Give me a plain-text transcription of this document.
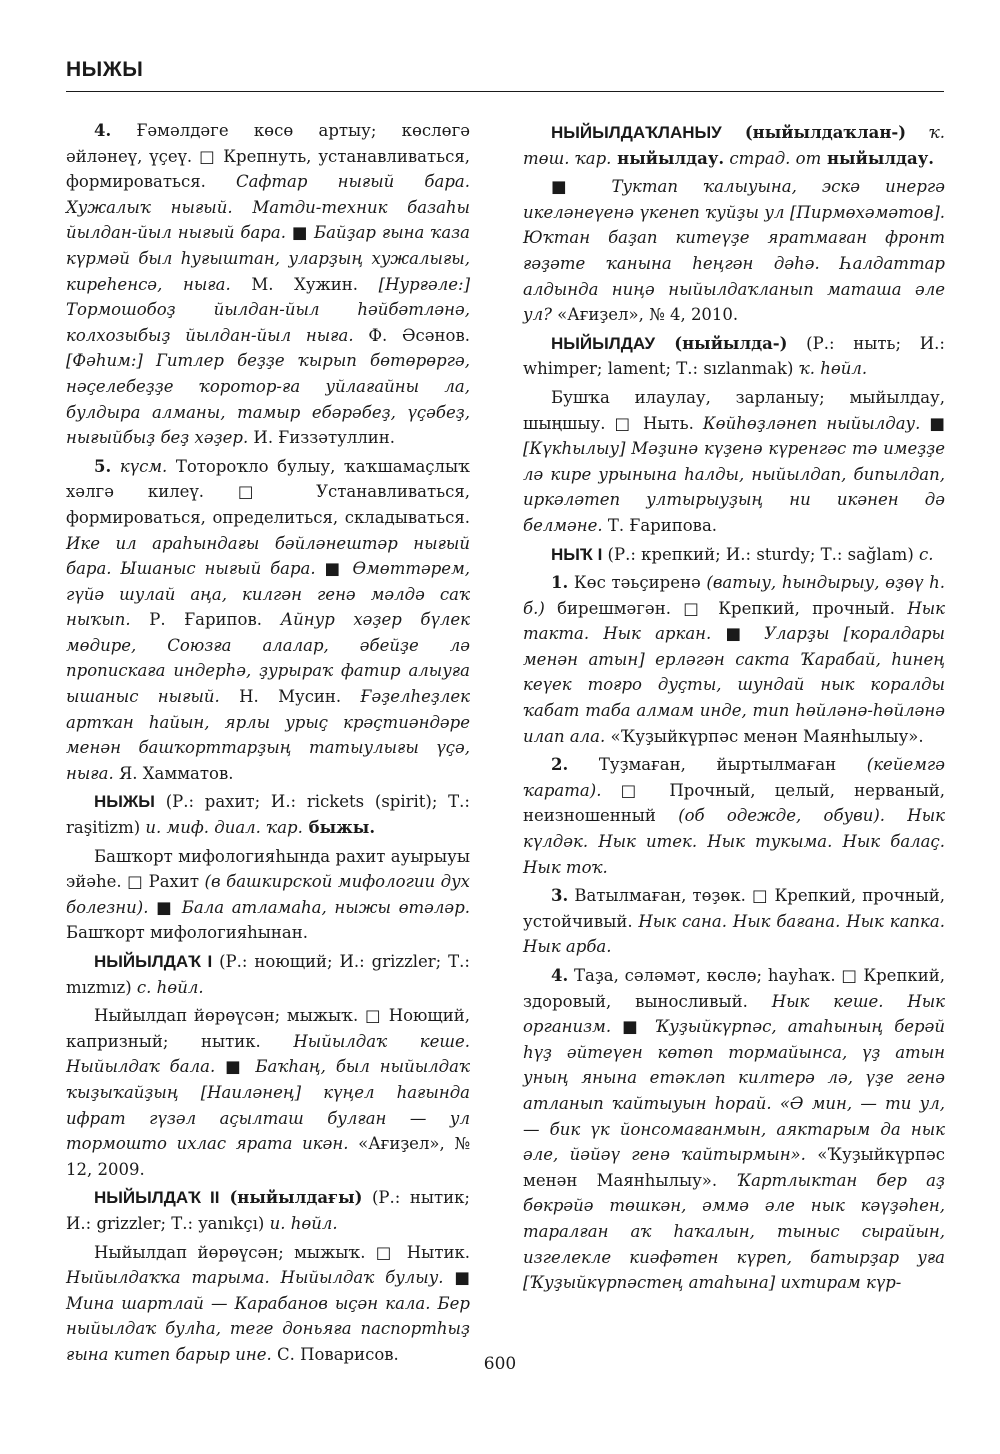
НЫЖЫ

4. Ғәмәлдәге көсө артыу; көслөгә әйләнеү, үҫеү. □ Крепнуть, устанавливаться, формироваться. Сафтар нығый бара. Хужалыҡ нығый. Матди-техник базаһы йылдан-йыл нығый бара. ■ Байҙар ғына ҡаза күрмәй был һуғыштан, уларҙың хужалығы, киреһенсә, ныға. М. Хужин. [Нурғәле:] Тормошобоҙ йылдан-йыл һәйбәтләнә, колхозыбыҙ йылдан-йыл ныға. Ф. Әсәнов. [Фәһим:] Гитлер беҙҙе ҡырып бөтөрөргә, нәҫелебеҙҙе ҡоротор-ға уйлағайны ла, булдыра алманы, тамыр ебәрәбеҙ, үҫәбеҙ, нығыйбыҙ беҙ хәҙер. И. Ғиззәтуллин.

5. күсм. Тотороҡло булыу, ҡаҡшамаҫлыҡ хәлгә килеү. □ Устанавливаться, формироваться, определиться, складываться. Ике ил араһындағы бәйләнештәр нығый бара. Ышаныс нығый бара. ■ Өмөттәрем, гүйә шулай аңа, килгән генә мәлдә саҡ ныҡып. Р. Ғарипов. Айнур хәҙер бүлек мөдире, Союзға алалар, әбейҙе лә пропискаға индерһә, ҙурыраҡ фатир алыуға ышаныс нығый. Н. Мусин. Ғәҙелһеҙлек артҡан һайын, ярлы урыҫ крәҫтиәндәре менән башҡорттарҙың татыулығы үҫә, ныға. Я. Хамматов.

НЫЖЫ (Р.: рахит; И.: rickets (spirit); Т.: raşitizm) и. миф. диал. ҡар. быжы.

Башҡорт мифологияһында рахит ауырыуы эйәһе. □ Рахит (в башкирской мифологии дух болезни). ■ Бала атламаһа, ныжы өтәләр. Башҡорт мифологияһынан.

НЫЙЫЛДАҠ I (Р.: ноющий; И.: grizzler; Т.: mızmız) с. һөйл.

Ныйылдап йөрөүсән; мыжыҡ. □ Ноющий, капризный; нытик. Ныйылдаҡ кеше. Ныйылдаҡ бала. ■ Баҡһаң, был ныйылдаҡ ҡыҙыҡайҙың [Наиләнең] күңел һағында ифрат гүзәл аҫылташ булған — ул тормошто ихлас ярата икән. «Ағиҙел», № 12, 2009.

НЫЙЫЛДАҠ II (ныйылдағы) (Р.: нытик; И.: grizzler; Т.: yanıkçı) и. һөйл.

Ныйылдап йөрөүсән; мыжыҡ. □ Нытик. Ныйылдаҡҡа тарыма. Ныйылдаҡ булыу. ■ Мина шартлай — Карабанов ыҫән кала. Бер ныйылдаҡ булһа, теге доньяға паспортһыҙ ғына китеп барыр ине. С. Поварисов.

НЫЙЫЛДАҠЛАНЫУ (ныйылдаҡлан-) ҡ. төш. ҡар. ныйылдау. страд. от ныйылдау.

■ Туктап ҡалыуына, эскә инергә икеләнеүенә үкенеп ҡуйҙы ул [Пирмөхәмәтов]. Юҡтан баҙап китеүҙе яратмаған фронт ғәҙәте ҡанына һеңгән дәһә. Һалдаттар алдында ниңә ныйылдаҡланып маташа әле ул? «Ағиҙел», № 4, 2010.

НЫЙЫЛДАУ (ныйылда-) (Р.: ныть; И.: whimper; lament; Т.: sızlanmak) ҡ. һөйл.

Бушҡа илаулау, зарланыу; мыйылдау, шыңшыу. □ Ныть. Көйһөҙләнеп ныйылдау. ■ [Күкһылыу] Мәҙинә күҙенә күренгәс тә имеҙҙе лә кире урынына һалды, ныйылдап, бипылдап, иркәләтеп ултырыуҙың ни икәнен дә белмәне. Т. Ғарипова.

НЫҠ I (Р.: крепкий; И.: sturdy; Т.: sağlam) с.

1. Көс тәьҫиренә (ватыу, һындырыу, өҙөү һ. б.) бирешмәгән. □ Крепкий, прочный. Нык такта. Нык аркан. ■ Уларҙы [коралдары менән атын] ерләгән сакта Ҡарабай, һинең кеүек тоғро дуҫты, шундай нык коралды ҡабат таба алмам инде, тип һөйләнә-һөйләнә илап ала. «Ҡуҙыйкүрпәс менән Маянһылыу».

2. Туҙмаған, йыртылмаған (кейемгә ҡарата). □ Прочный, целый, нерваный, неизношенный (об одежде, обуви). Нык күлдәк. Нык итек. Нык тукыма. Нык балаҫ. Нык тоҡ.

3. Ватылмаған, төҙөк. □ Крепкий, прочный, устойчивый. Нык сана. Нык бағана. Нык капка. Нык арба.

4. Таҙа, сәләмәт, көслө; һауһаҡ. □ Крепкий, здоровый, выносливый. Нык кеше. Нык организм. ■ Ҡуҙыйкүрпәс, атаһының берәй һүҙ әйтеүен көтөп тормайынса, үҙ атын уның янына етәкләп килтерә лә, үҙе генә атланып ҡайтыуын һорай. «Ә мин, — ти ул, — бик үк йонсомағанмын, аяктарым да нык әле, йәйәү генә ҡайтырмын». «Ҡуҙыйкүрпәс менән Маянһылыу». Ҡартлыктан бер аҙ бөкрәйә төшкән, әммә әле нык кәүҙәһен, таралған аҡ һаҡалын, тыныс сырайын, изгелекле киәфәтен күреп, батырҙар уға [Ҡуҙыйкүрпәстең атаһына] ихтирам күр-

600
